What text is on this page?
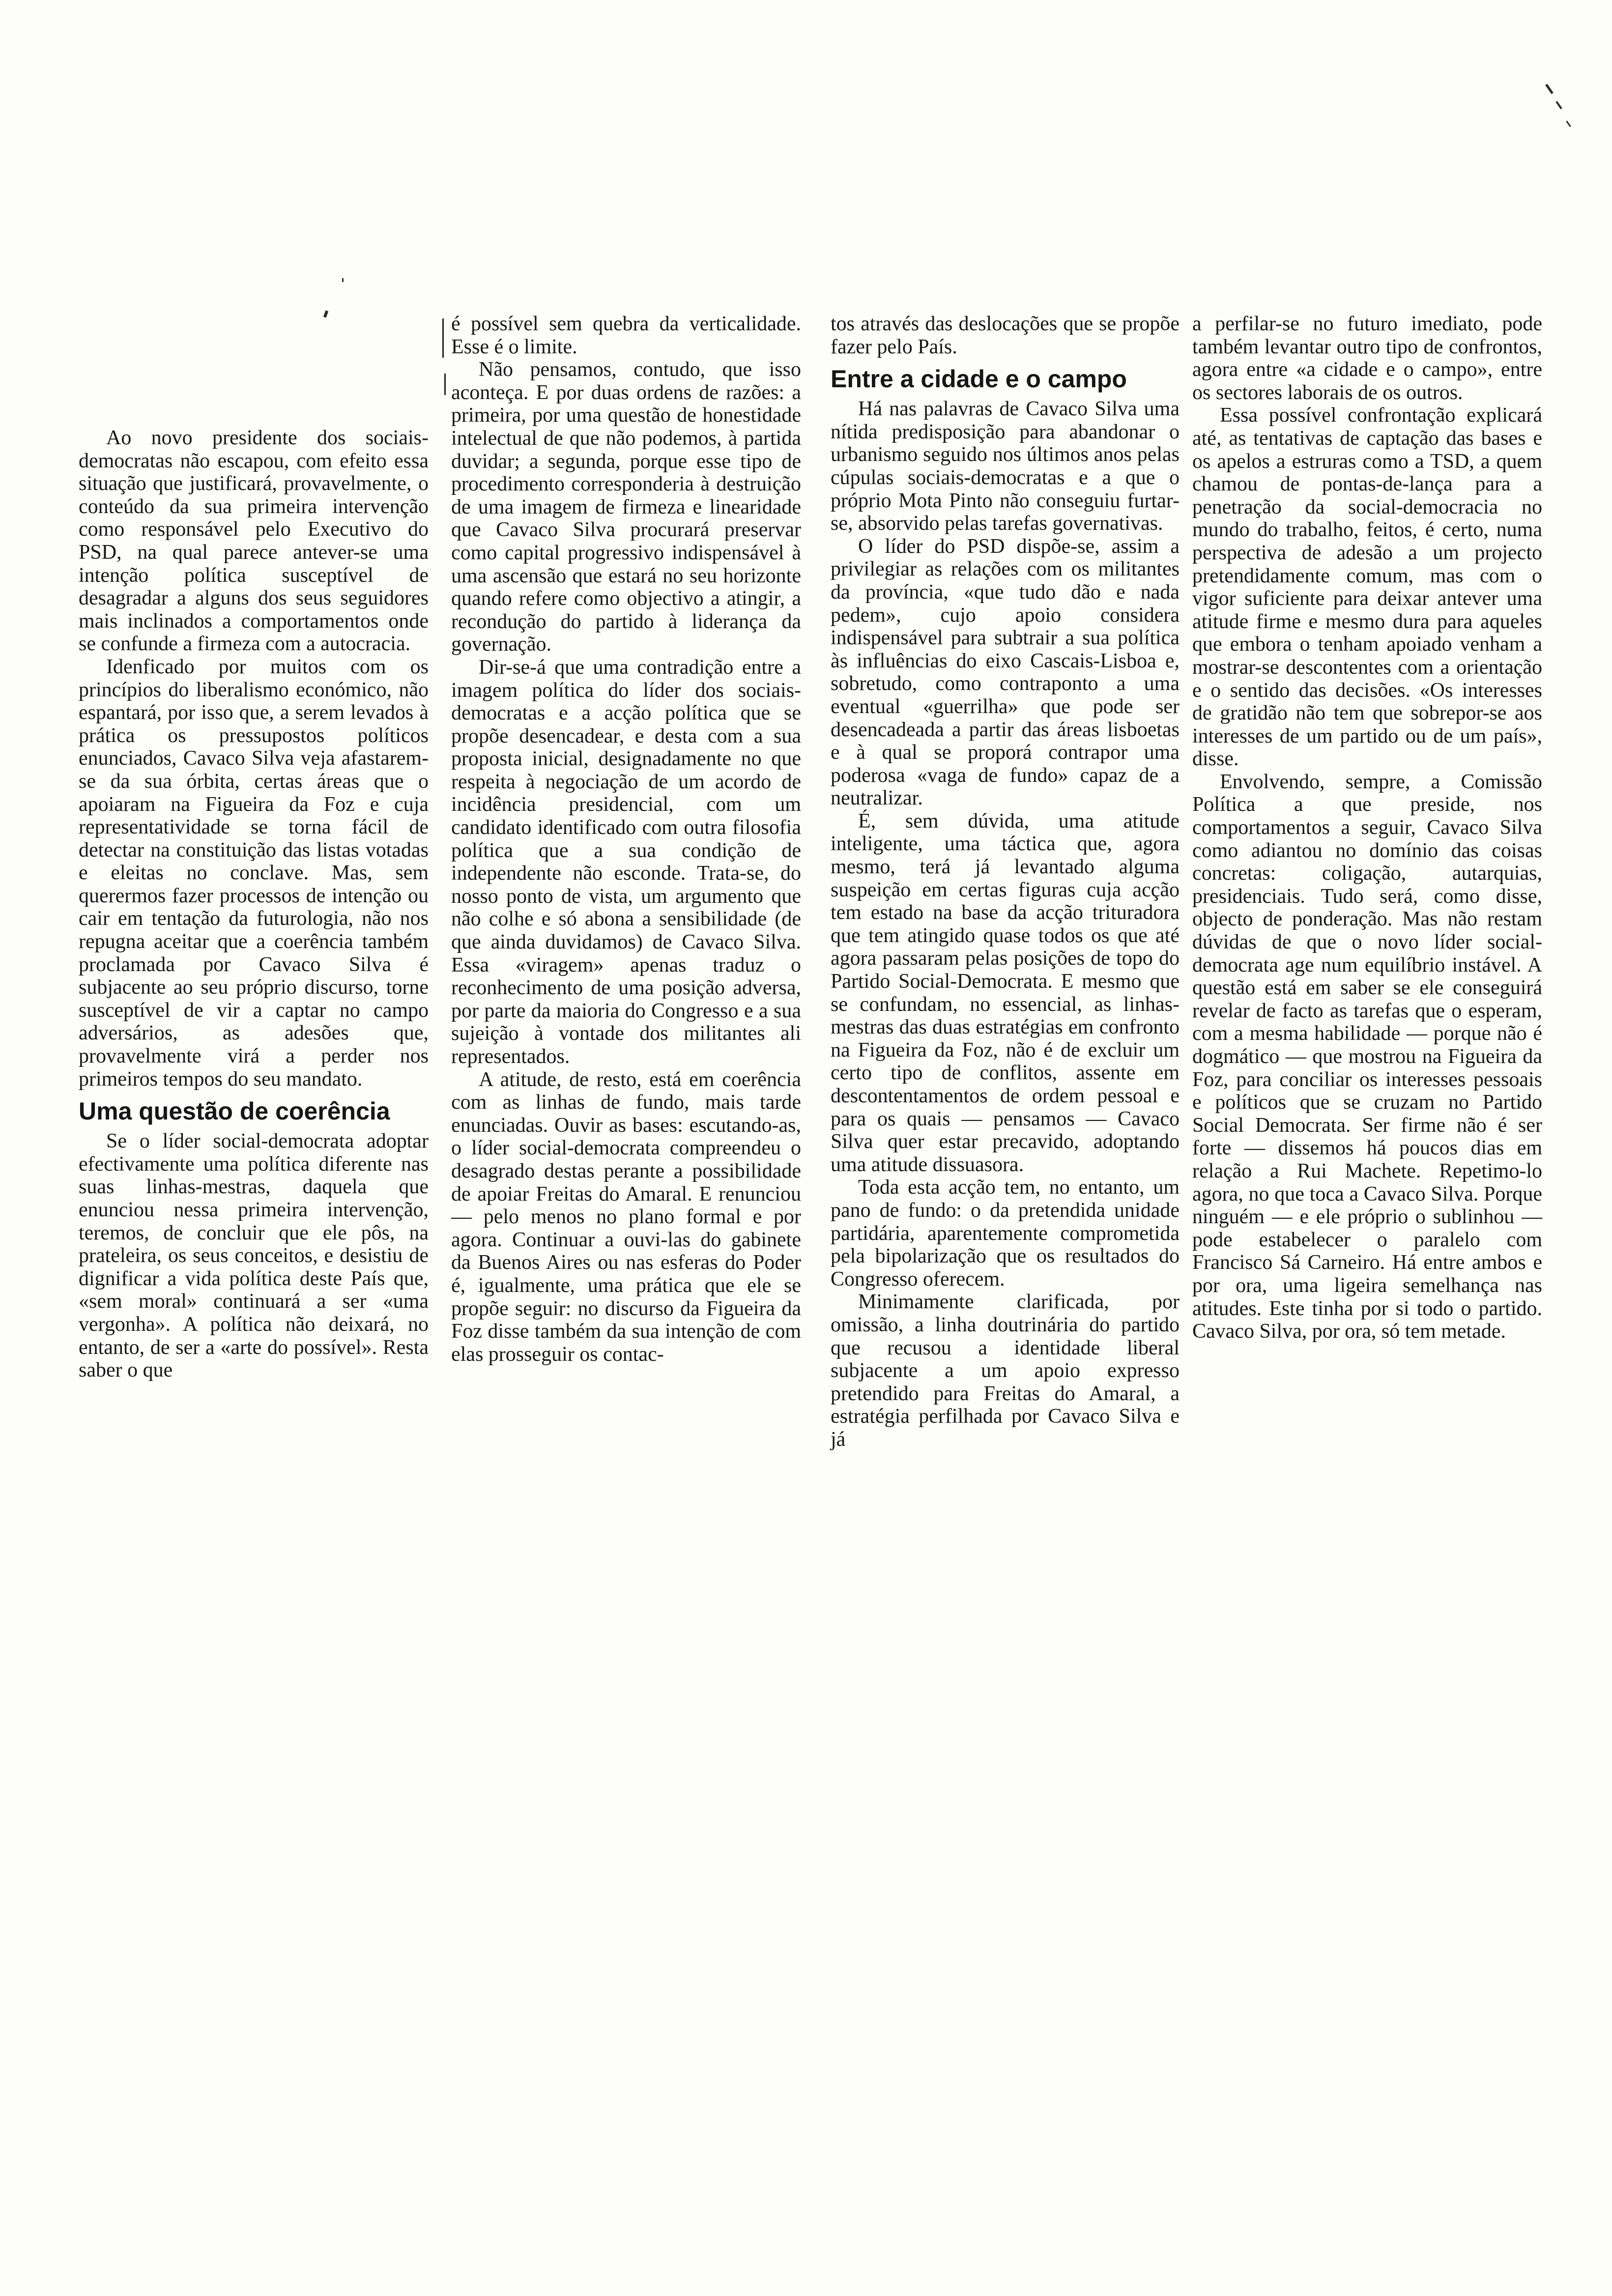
Ao novo presidente dos sociais-democratas não escapou, com efeito essa situação que justificará, provavelmente, o conteúdo da sua primeira intervenção como responsável pelo Executivo do PSD, na qual parece antever-se uma intenção política susceptível de desagradar a alguns dos seus seguidores mais inclinados a comportamentos onde se confunde a firmeza com a autocracia.

Idenficado por muitos com os princípios do liberalismo económico, não espantará, por isso que, a serem levados à prática os pressupostos políticos enunciados, Cavaco Silva veja afastarem-se da sua órbita, certas áreas que o apoiaram na Figueira da Foz e cuja representatividade se torna fácil de detectar na constituição das listas votadas e eleitas no conclave. Mas, sem querermos fazer processos de intenção ou cair em tentação da futurologia, não nos repugna aceitar que a coerência também proclamada por Cavaco Silva é subjacente ao seu próprio discurso, torne susceptível de vir a captar no campo adversários, as adesões que, provavelmente virá a perder nos primeiros tempos do seu mandato.

Uma questão de coerência

Se o líder social-democrata adoptar efectivamente uma política diferente nas suas linhas-mestras, daquela que enunciou nessa primeira intervenção, teremos, de concluir que ele pôs, na prateleira, os seus conceitos, e desistiu de dignificar a vida política deste País que, «sem moral» continuará a ser «uma vergonha». A política não deixará, no entanto, de ser a «arte do possível». Resta saber o que

é possível sem quebra da verticalidade. Esse é o limite.

Não pensamos, contudo, que isso aconteça. E por duas ordens de razões: a primeira, por uma questão de honestidade intelectual de que não podemos, à partida duvidar; a segunda, porque esse tipo de procedimento corresponderia à destruição de uma imagem de firmeza e linearidade que Cavaco Silva procurará preservar como capital progressivo indispensável à uma ascensão que estará no seu horizonte quando refere como objectivo a atingir, a recondução do partido à liderança da governação.

Dir-se-á que uma contradição entre a imagem política do líder dos sociais-democratas e a acção política que se propõe desencadear, e desta com a sua proposta inicial, designadamente no que respeita à negociação de um acordo de incidência presidencial, com um candidato identificado com outra filosofia política que a sua condição de independente não esconde. Trata-se, do nosso ponto de vista, um argumento que não colhe e só abona a sensibilidade (de que ainda duvidamos) de Cavaco Silva. Essa «viragem» apenas traduz o reconhecimento de uma posição adversa, por parte da maioria do Congresso e a sua sujeição à vontade dos militantes ali representados.

A atitude, de resto, está em coerência com as linhas de fundo, mais tarde enunciadas. Ouvir as bases: escutando-as, o líder social-democrata compreendeu o desagrado destas perante a possibilidade de apoiar Freitas do Amaral. E renunciou — pelo menos no plano formal e por agora. Continuar a ouvi-las do gabinete da Buenos Aires ou nas esferas do Poder é, igualmente, uma prática que ele se propõe seguir: no discurso da Figueira da Foz disse também da sua intenção de com elas prosseguir os contac-

tos através das deslocações que se propõe fazer pelo País.

Entre a cidade e o campo

Há nas palavras de Cavaco Silva uma nítida predisposição para abandonar o urbanismo seguido nos últimos anos pelas cúpulas sociais-democratas e a que o próprio Mota Pinto não conseguiu furtar-se, absorvido pelas tarefas governativas.

O líder do PSD dispõe-se, assim a privilegiar as relações com os militantes da província, «que tudo dão e nada pedem», cujo apoio considera indispensável para subtrair a sua política às influências do eixo Cascais-Lisboa e, sobretudo, como contraponto a uma eventual «guerrilha» que pode ser desencadeada a partir das áreas lisboetas e à qual se proporá contrapor uma poderosa «vaga de fundo» capaz de a neutralizar.

É, sem dúvida, uma atitude inteligente, uma táctica que, agora mesmo, terá já levantado alguma suspeição em certas figuras cuja acção tem estado na base da acção trituradora que tem atingido quase todos os que até agora passaram pelas posições de topo do Partido Social-Democrata. E mesmo que se confundam, no essencial, as linhas-mestras das duas estratégias em confronto na Figueira da Foz, não é de excluir um certo tipo de conflitos, assente em descontentamentos de ordem pessoal e para os quais — pensamos — Cavaco Silva quer estar precavido, adoptando uma atitude dissuasora.

Toda esta acção tem, no entanto, um pano de fundo: o da pretendida unidade partidária, aparentemente comprometida pela bipolarização que os resultados do Congresso oferecem.

Minimamente clarificada, por omissão, a linha doutrinária do partido que recusou a identidade liberal subjacente a um apoio expresso pretendido para Freitas do Amaral, a estratégia perfilhada por Cavaco Silva e já

a perfilar-se no futuro imediato, pode também levantar outro tipo de confrontos, agora entre «a cidade e o campo», entre os sectores laborais de os outros.

Essa possível confrontação explicará até, as tentativas de captação das bases e os apelos a estruras como a TSD, a quem chamou de pontas-de-lança para a penetração da social-democracia no mundo do trabalho, feitos, é certo, numa perspectiva de adesão a um projecto pretendidamente comum, mas com o vigor suficiente para deixar antever uma atitude firme e mesmo dura para aqueles que embora o tenham apoiado venham a mostrar-se descontentes com a orientação e o sentido das decisões. «Os interesses de gratidão não tem que sobrepor-se aos interesses de um partido ou de um país», disse.

Envolvendo, sempre, a Comissão Política a que preside, nos comportamentos a seguir, Cavaco Silva como adiantou no domínio das coisas concretas: coligação, autarquias, presidenciais. Tudo será, como disse, objecto de ponderação. Mas não restam dúvidas de que o novo líder social-democrata age num equilíbrio instável. A questão está em saber se ele conseguirá revelar de facto as tarefas que o esperam, com a mesma habilidade — porque não é dogmático — que mostrou na Figueira da Foz, para conciliar os interesses pessoais e políticos que se cruzam no Partido Social Democrata. Ser firme não é ser forte — dissemos há poucos dias em relação a Rui Machete. Repetimo-lo agora, no que toca a Cavaco Silva. Porque ninguém — e ele próprio o sublinhou — pode estabelecer o paralelo com Francisco Sá Carneiro. Há entre ambos e por ora, uma ligeira semelhança nas atitudes. Este tinha por si todo o partido. Cavaco Silva, por ora, só tem metade.
